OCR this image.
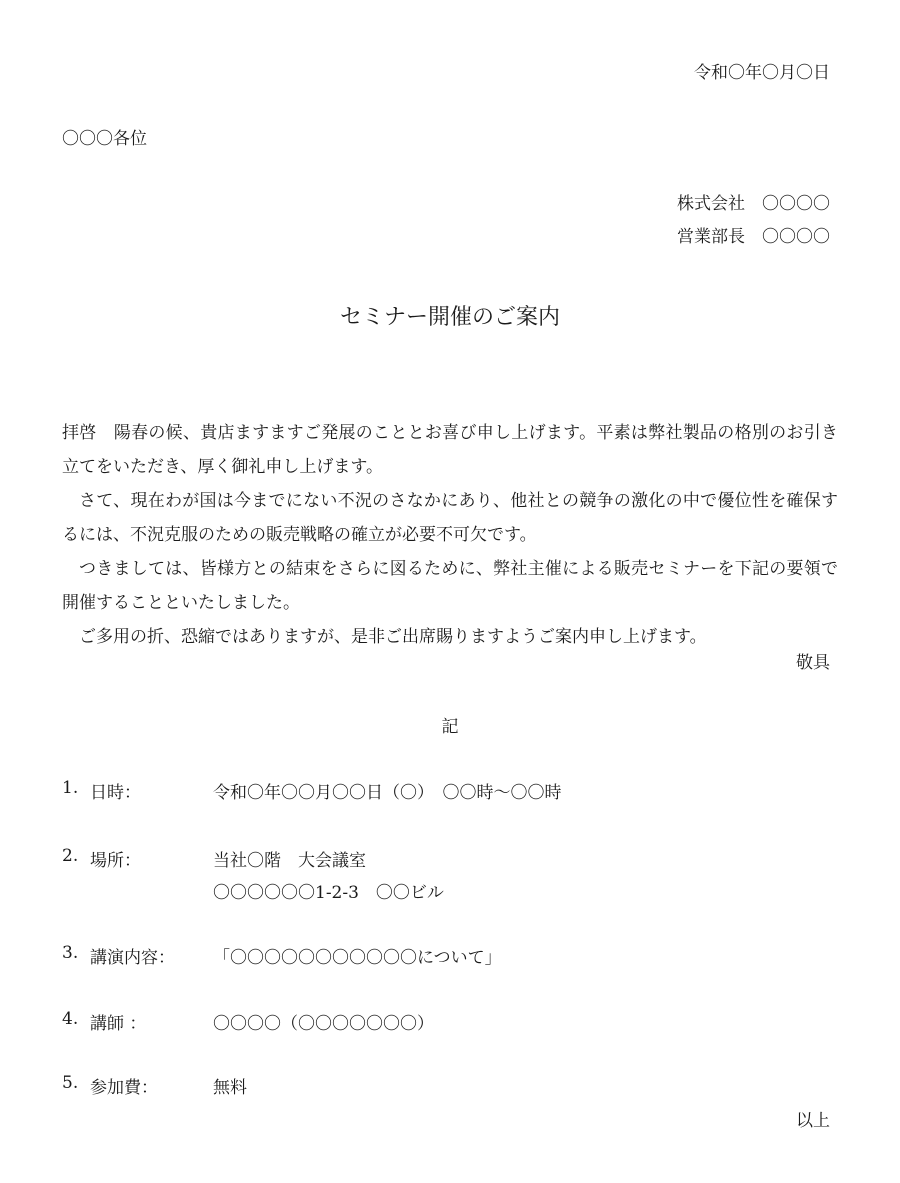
令和〇年〇月〇日
〇〇〇各位
株式会社　〇〇〇〇
営業部長　〇〇〇〇
セミナー開催のご案内

拝啓　陽春の候、貴店ますますご発展のこととお喜び申し上げます。平素は弊社製品の格別のお引き立てをいただき、厚く御礼申し上げます。

さて、現在わが国は今までにない不況のさなかにあり、他社との競争の激化の中で優位性を確保するには、不況克服のための販売戦略の確立が必要不可欠です。

つきましては、皆様方との結束をさらに図るために、弊社主催による販売セミナーを下記の要領で開催することといたしました。

ご多用の折、恐縮ではありますが、是非ご出席賜りますようご案内申し上げます。

敬具
記
1. 日時：	令和〇年〇〇月〇〇日（〇）　〇〇時～〇〇時
2. 場所：	当社〇階　大会議室
〇〇〇〇〇〇1-2-3　〇〇ビル
3. 講演内容： 「〇〇〇〇〇〇〇〇〇〇〇について」
4. 講師 ：	〇〇〇〇（〇〇〇〇〇〇〇）
5. 参加費：	無料
以上
